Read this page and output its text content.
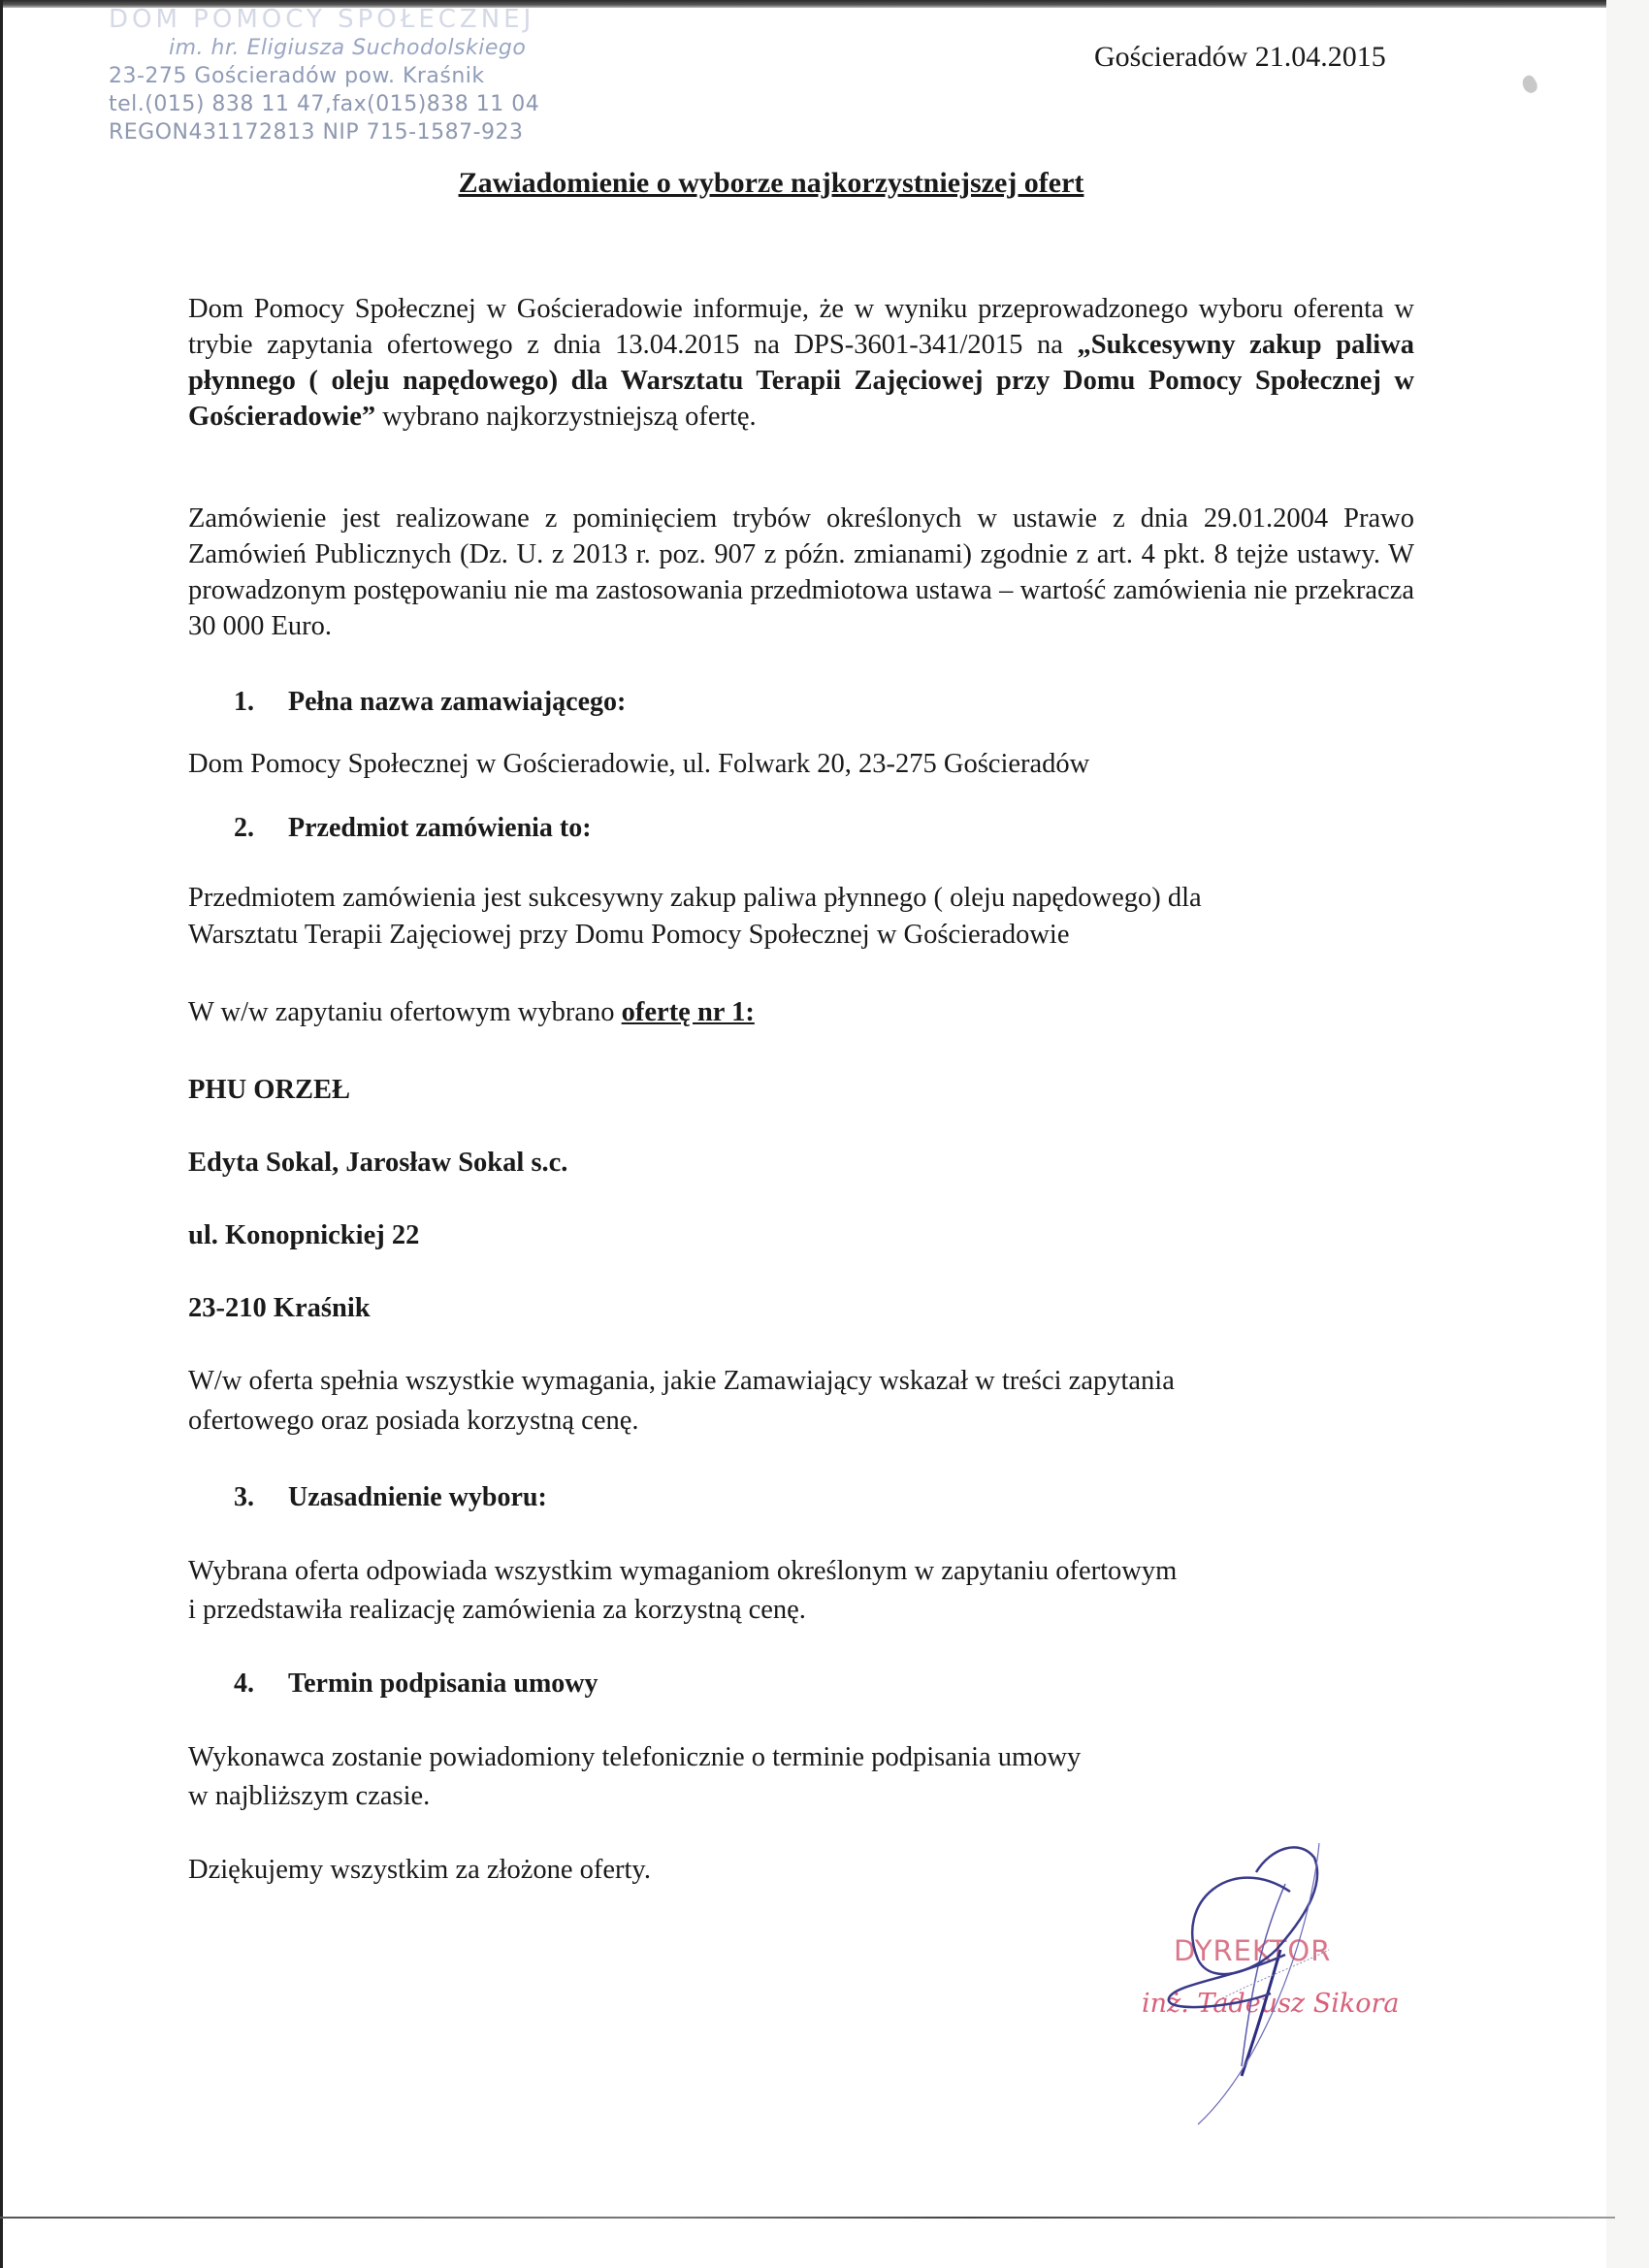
DOM POMOCY SPOŁECZNEJ
im. hr. Eligiusza Suchodolskiego
23-275 Gościeradów pow. Kraśnik
tel.(015) 838 11 47,fax(015)838 11 04
REGON431172813 NIP 715-1587-923
Gościeradów 21.04.2015
Zawiadomienie o wyborze najkorzystniejszej ofert
Dom Pomocy Społecznej w Gościeradowie informuje, że w wyniku przeprowadzonego wyboru oferenta w trybie zapytania ofertowego z dnia 13.04.2015 na DPS-3601-341/2015 na „Sukcesywny zakup paliwa płynnego ( oleju napędowego) dla Warsztatu Terapii Zajęciowej przy Domu Pomocy Społecznej w Gościeradowie” wybrano najkorzystniejszą ofertę.
Zamówienie jest realizowane z pominięciem trybów określonych w ustawie z dnia 29.01.2004 Prawo Zamówień Publicznych (Dz. U. z 2013 r. poz. 907 z późn. zmianami) zgodnie z art. 4 pkt. 8 tejże ustawy. W prowadzonym postępowaniu nie ma zastosowania przedmiotowa ustawa – wartość zamówienia nie przekracza 30 000 Euro.
1. Pełna nazwa zamawiającego:
Dom Pomocy Społecznej w Gościeradowie, ul. Folwark 20, 23-275 Gościeradów
2. Przedmiot zamówienia to:
Przedmiotem zamówienia jest sukcesywny zakup paliwa płynnego ( oleju napędowego) dla
Warsztatu Terapii Zajęciowej przy Domu Pomocy Społecznej w Gościeradowie
W w/w zapytaniu ofertowym wybrano ofertę nr 1:
PHU ORZEŁ
Edyta Sokal, Jarosław Sokal s.c.
ul. Konopnickiej 22
23-210 Kraśnik
W/w oferta spełnia wszystkie wymagania, jakie Zamawiający wskazał w treści zapytania
ofertowego oraz posiada korzystną cenę.
3. Uzasadnienie wyboru:
Wybrana oferta odpowiada wszystkim wymaganiom określonym w zapytaniu ofertowym
i przedstawiła realizację zamówienia za korzystną cenę.
4. Termin podpisania umowy
Wykonawca zostanie powiadomiony telefonicznie o terminie podpisania umowy
w najbliższym czasie.
Dziękujemy wszystkim za złożone oferty.
DYREKTOR
inż. Tadeusz Sikora
